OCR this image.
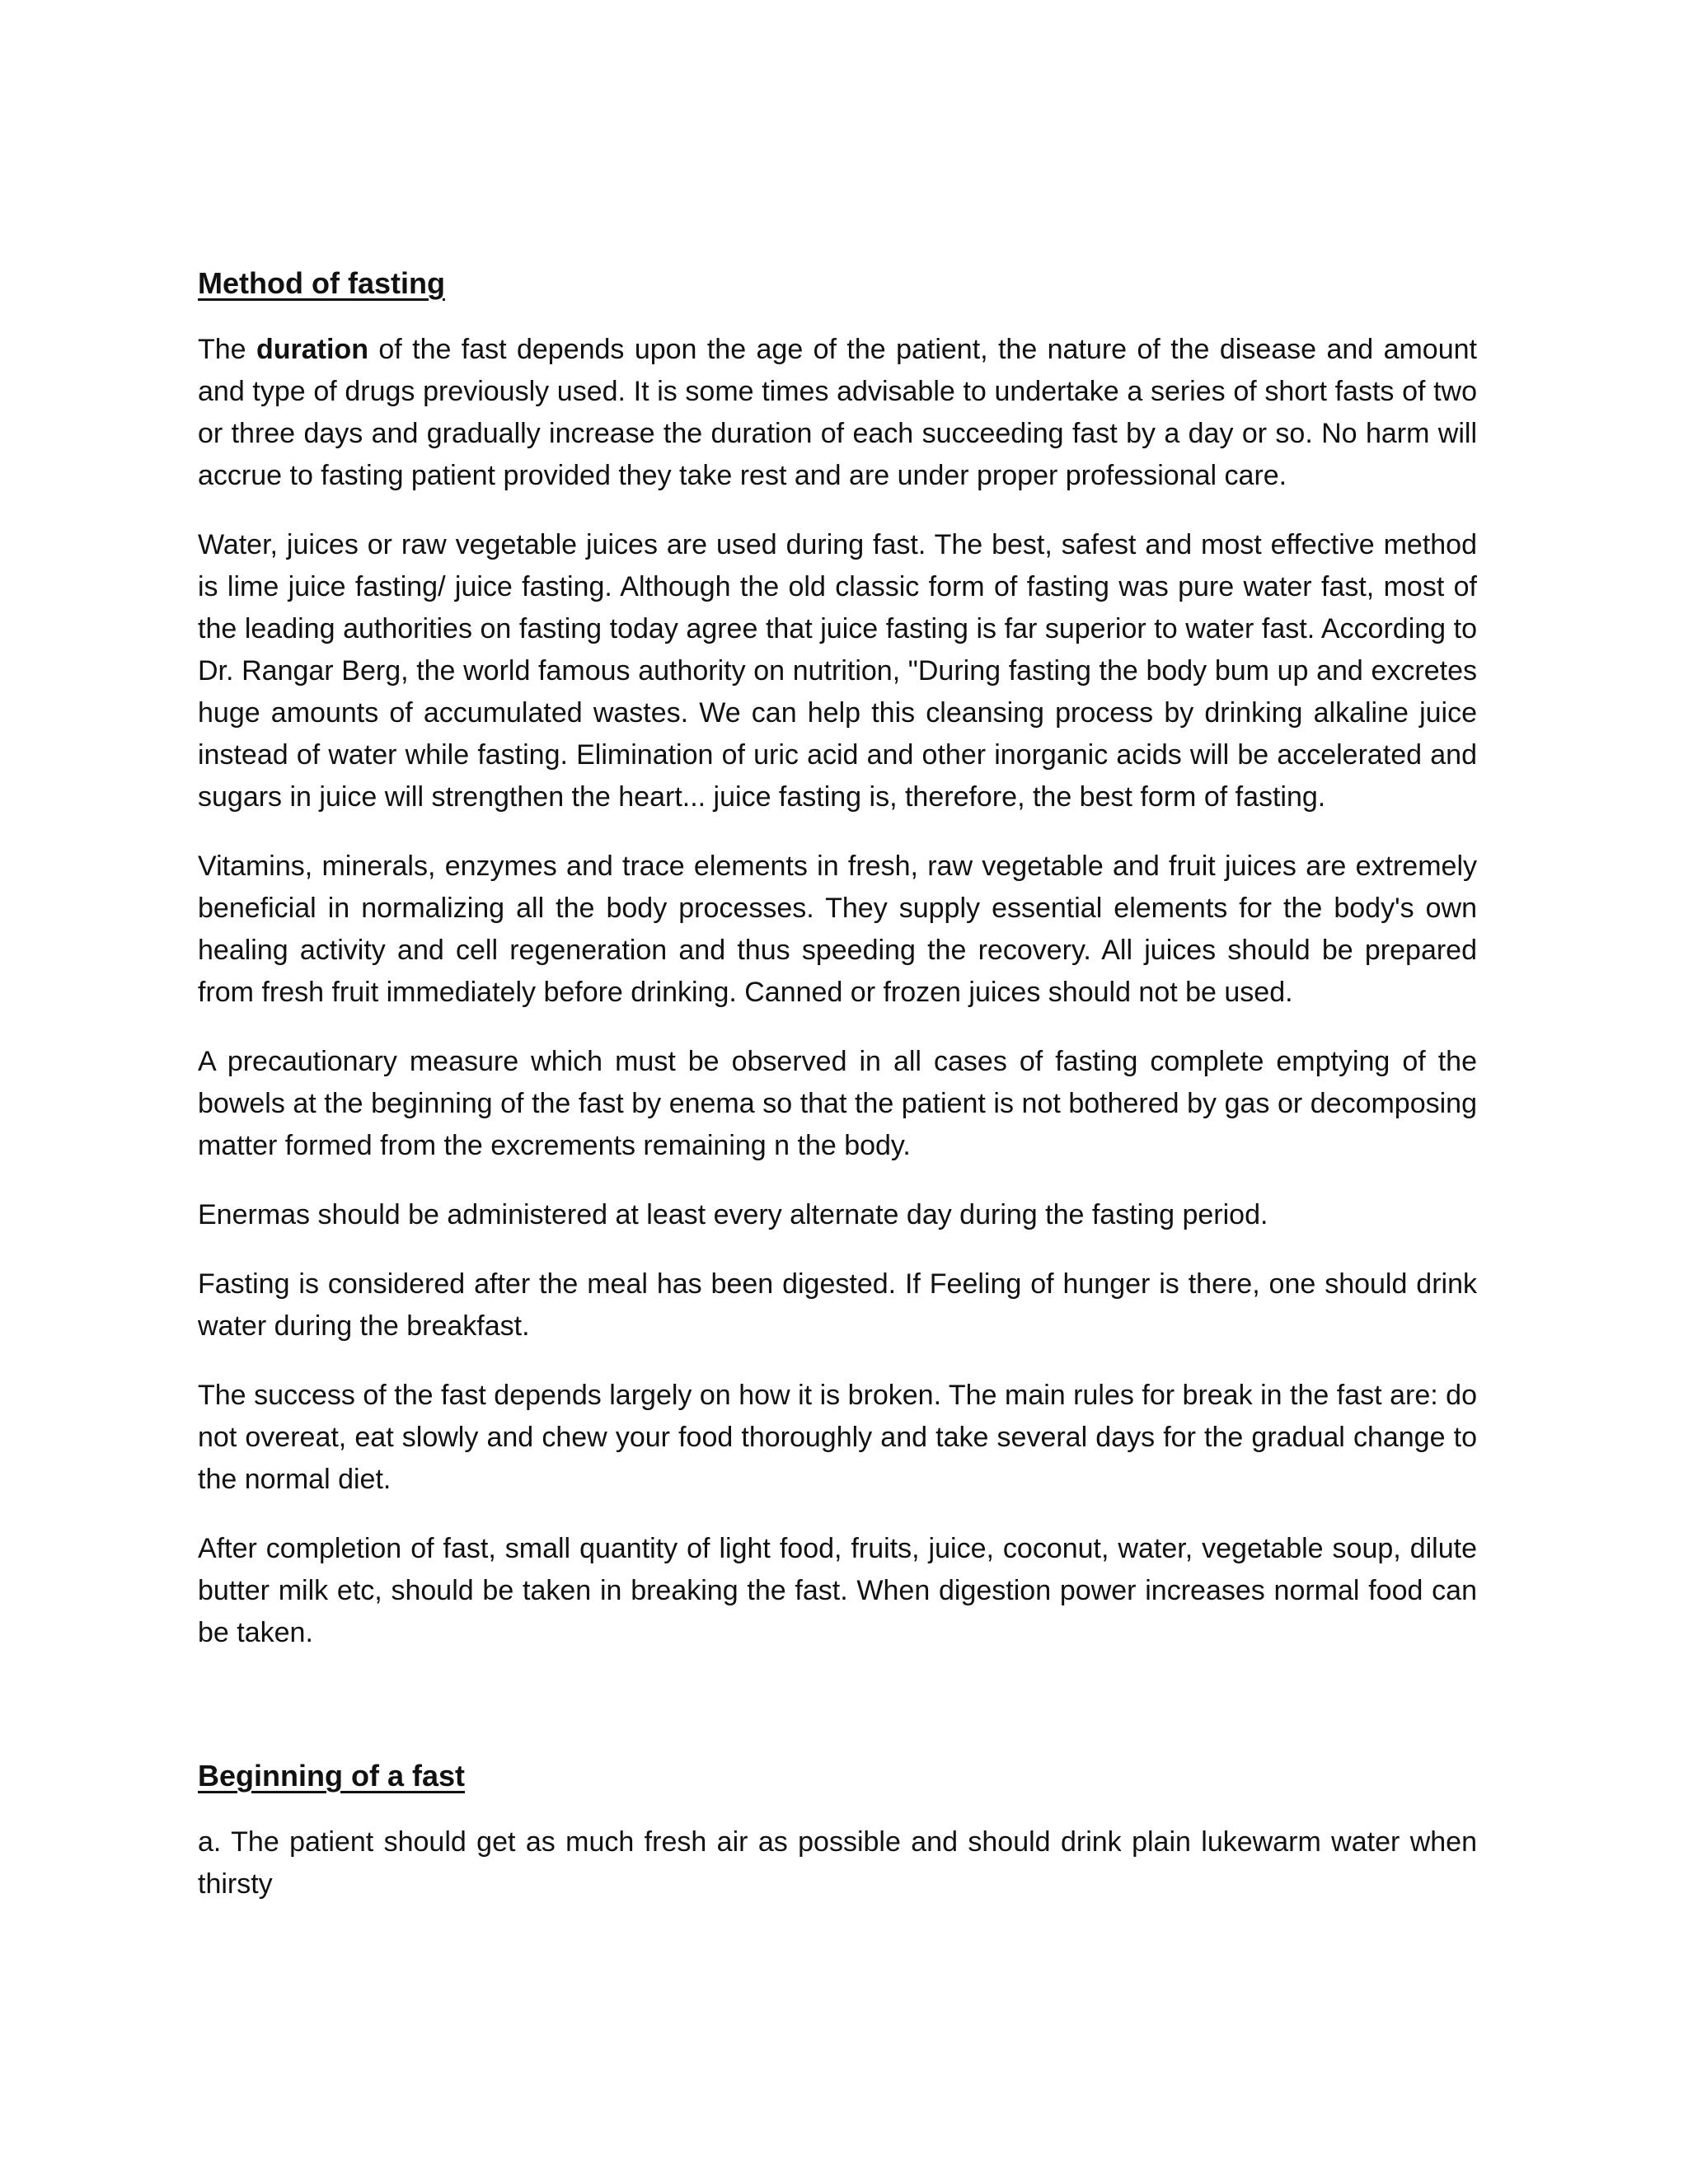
Method of fasting

The duration of the fast depends upon the age of the patient, the nature of the disease and amount and type of drugs previously used. It is some times advisable to undertake a series of short fasts of two or three days and gradually increase the duration of each succeeding fast by a day or so. No harm will accrue to fasting patient provided they take rest and are under proper professional care.

Water, juices or raw vegetable juices are used during fast. The best, safest and most effective method is lime juice fasting/ juice fasting. Although the old classic form of fasting was pure water fast, most of the leading authorities on fasting today agree that juice fasting is far superior to water fast. According to Dr. Rangar Berg, the world famous authority on nutrition, "During fasting the body bum up and excretes huge amounts of accumulated wastes. We can help this cleansing process by drinking alkaline juice instead of water while fasting. Elimination of uric acid and other inorganic acids will be accelerated and sugars in juice will strengthen the heart... juice fasting is, therefore, the best form of fasting.

Vitamins, minerals, enzymes and trace elements in fresh, raw vegetable and fruit juices are extremely beneficial in normalizing all the body processes. They supply essential elements for the body's own healing activity and cell regeneration and thus speeding the recovery. All juices should be prepared from fresh fruit immediately before drinking. Canned or frozen juices should not be used.

A precautionary measure which must be observed in all cases of fasting complete emptying of the bowels at the beginning of the fast by enema so that the patient is not bothered by gas or decomposing matter formed from the excrements remaining n the body.

Enermas should be administered at least every alternate day during the fasting period.

Fasting is considered after the meal has been digested. If Feeling of hunger is there, one should drink water during the breakfast.

The success of the fast depends largely on how it is broken. The main rules for break in the fast are: do not overeat, eat slowly and chew your food thoroughly and take several days for the gradual change to the normal diet.

After completion of fast, small quantity of light food, fruits, juice, coconut, water, vegetable soup, dilute butter milk etc, should be taken in breaking the fast. When digestion power increases normal food can be taken.

Beginning of a fast

a. The patient should get as much fresh air as possible and should drink plain lukewarm water when thirsty
